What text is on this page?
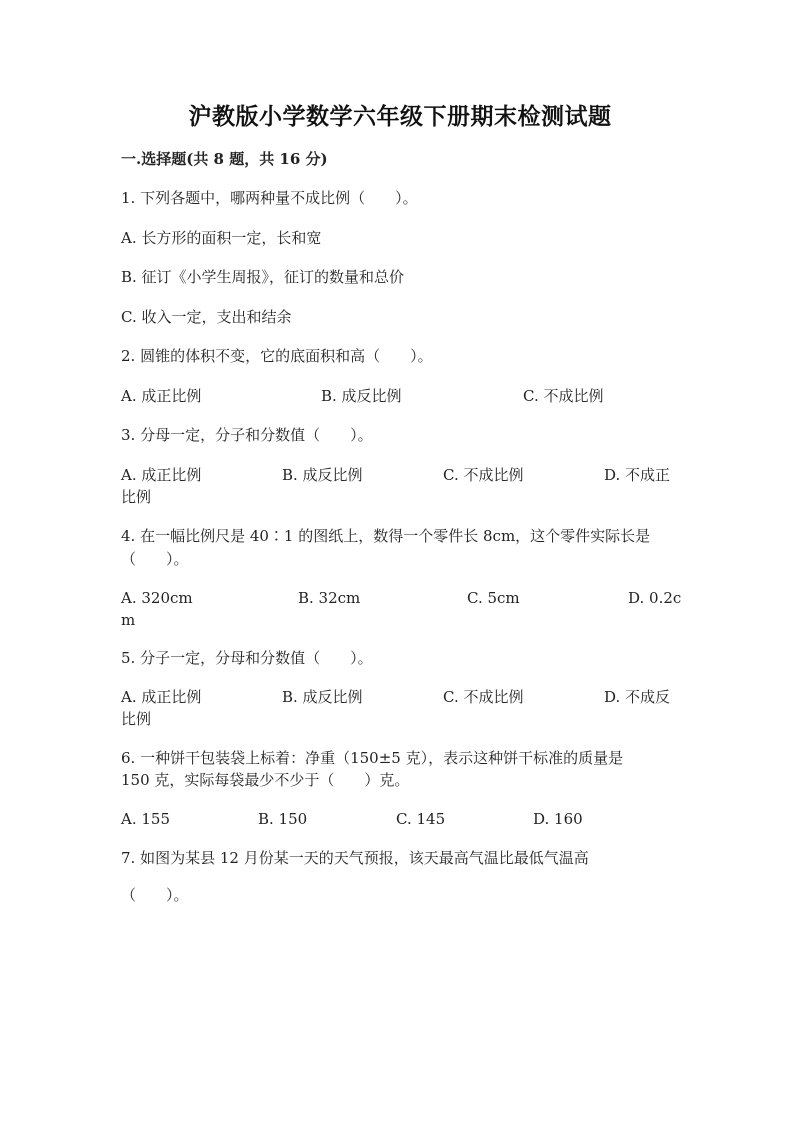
沪教版小学数学六年级下册期末检测试题
一.选择题(共 8 题，共 16 分)
1. 下列各题中，哪两种量不成比例（　　）。
A. 长方形的面积一定，长和宽
B. 征订《小学生周报》，征订的数量和总价
C. 收入一定，支出和结余
2. 圆锥的体积不变，它的底面积和高（　　）。
A. 成正比例	B. 成反比例	C. 不成比例
3. 分母一定，分子和分数值（　　）。
A. 成正比例	B. 成反比例	C. 不成比例	D. 不成正
比例
4. 在一幅比例尺是 40∶1 的图纸上，数得一个零件长 8cm，这个零件实际长是
（　　）。
A. 320cm	B. 32cm	C. 5cm	D. 0.2c
m
5. 分子一定，分母和分数值（　　）。
A. 成正比例	B. 成反比例	C. 不成比例	D. 不成反
比例
6. 一种饼干包装袋上标着：净重（150±5 克），表示这种饼干标准的质量是
150 克，实际每袋最少不少于（　　）克。
A. 155	B. 150	C. 145	D. 160
7. 如图为某县 12 月份某一天的天气预报，该天最高气温比最低气温高
（　　）。
